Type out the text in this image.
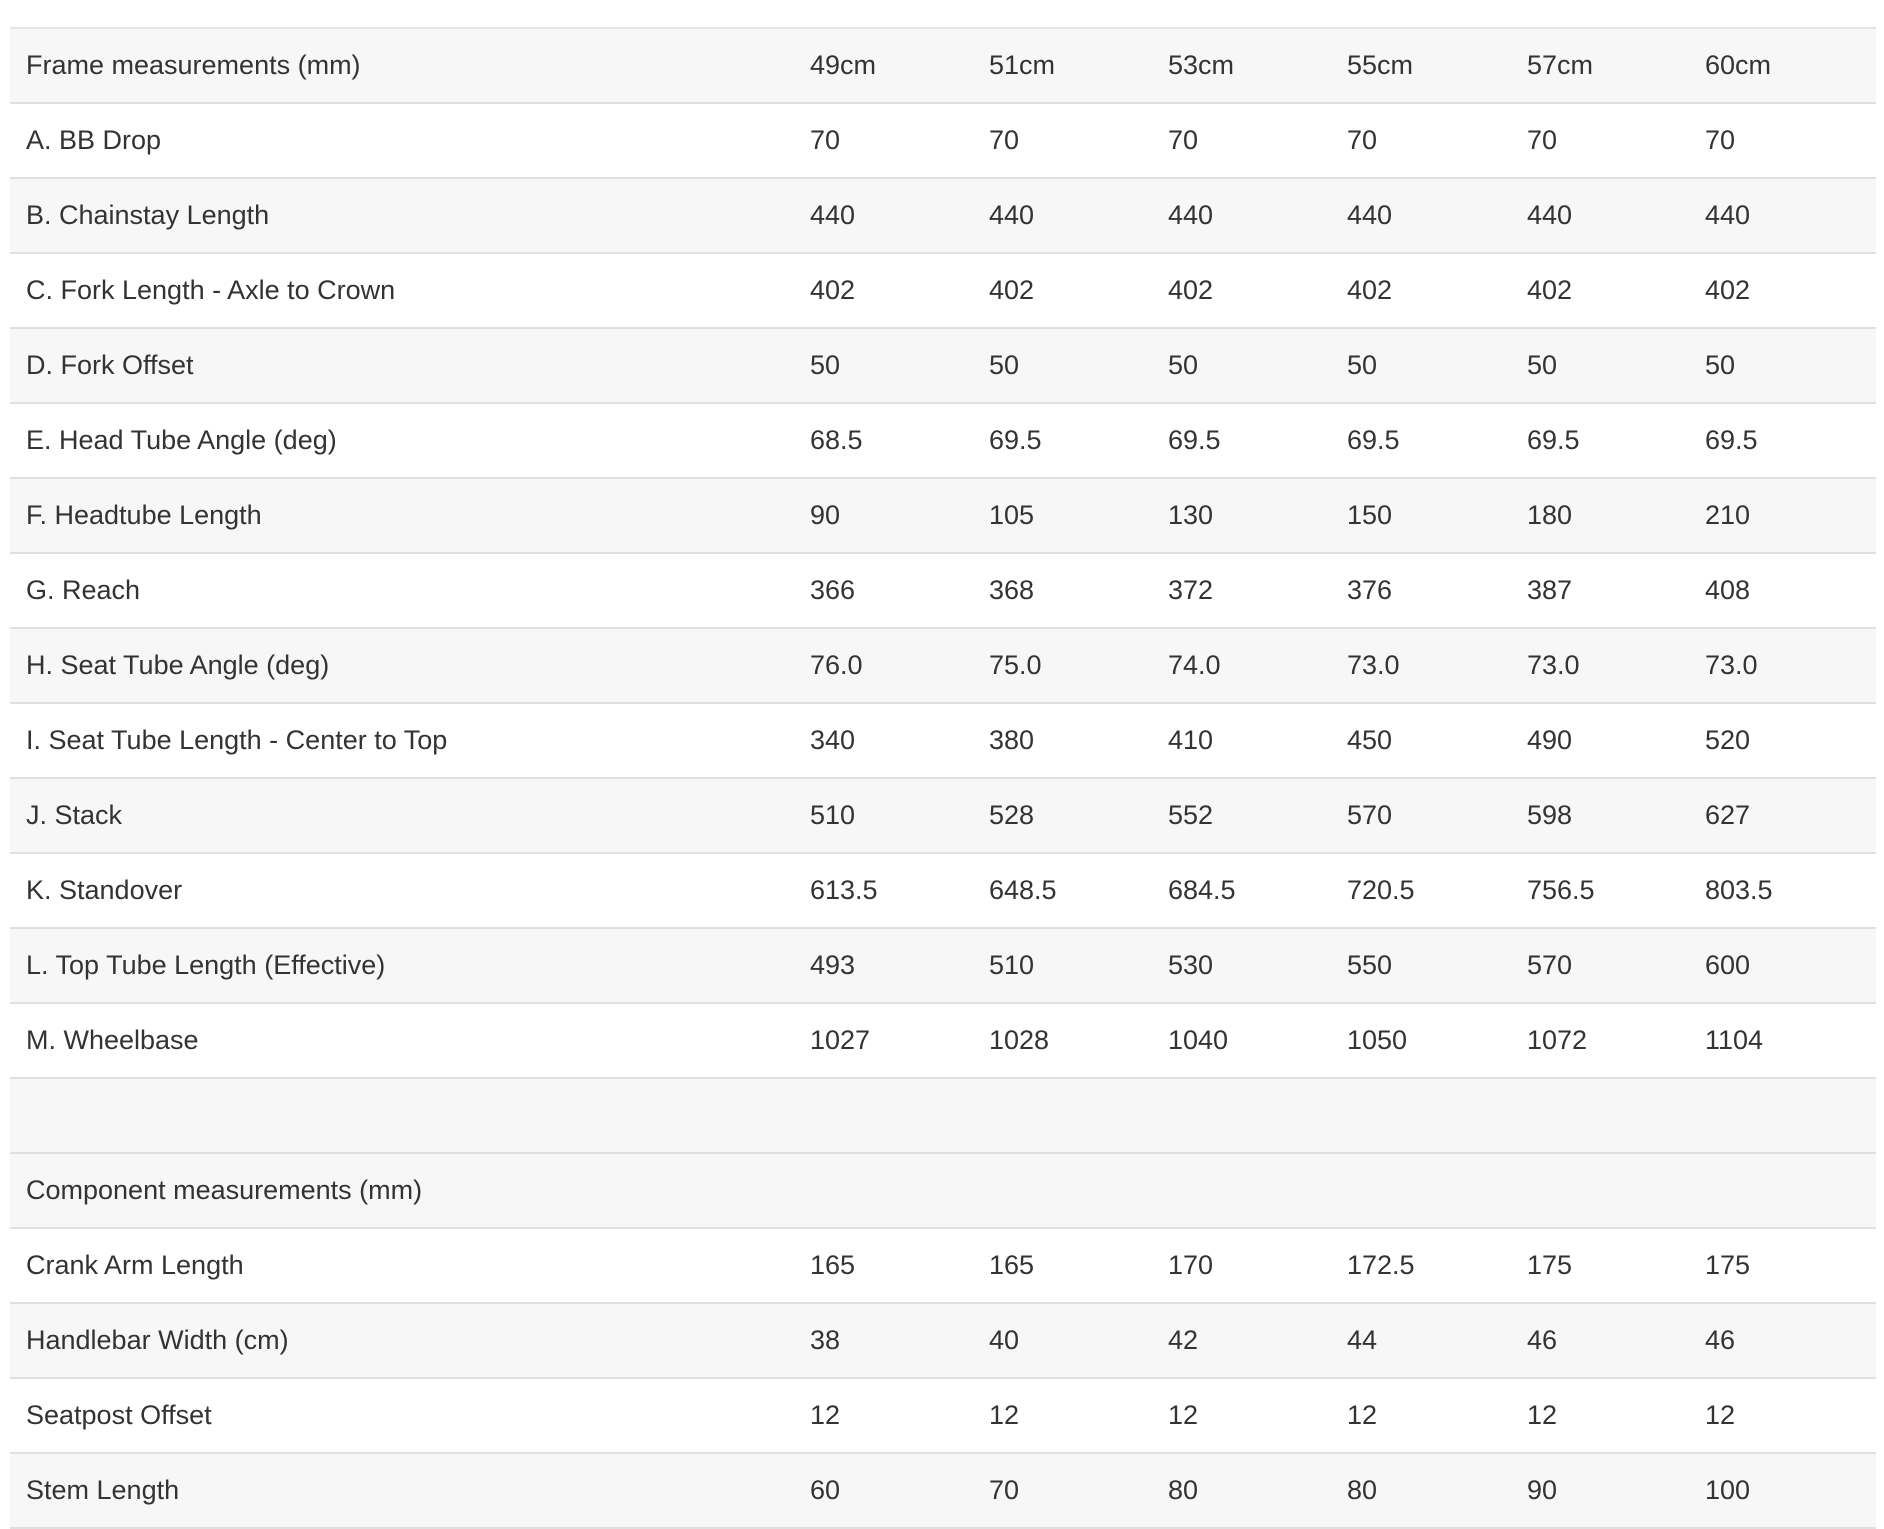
Frame measurements (mm)	49cm	51cm	53cm	55cm	57cm	60cm
A. BB Drop	70	70	70	70	70	70
B. Chainstay Length	440	440	440	440	440	440
C. Fork Length - Axle to Crown	402	402	402	402	402	402
D. Fork Offset	50	50	50	50	50	50
E. Head Tube Angle (deg)	68.5	69.5	69.5	69.5	69.5	69.5
F. Headtube Length	90	105	130	150	180	210
G. Reach	366	368	372	376	387	408
H. Seat Tube Angle (deg)	76.0	75.0	74.0	73.0	73.0	73.0
I. Seat Tube Length - Center to Top	340	380	410	450	490	520
J. Stack	510	528	552	570	598	627
K. Standover	613.5	648.5	684.5	720.5	756.5	803.5
L. Top Tube Length (Effective)	493	510	530	550	570	600
M. Wheelbase	1027	1028	1040	1050	1072	1104

Component measurements (mm)						
Crank Arm Length	165	165	170	172.5	175	175
Handlebar Width (cm)	38	40	42	44	46	46
Seatpost Offset	12	12	12	12	12	12
Stem Length	60	70	80	80	90	100
